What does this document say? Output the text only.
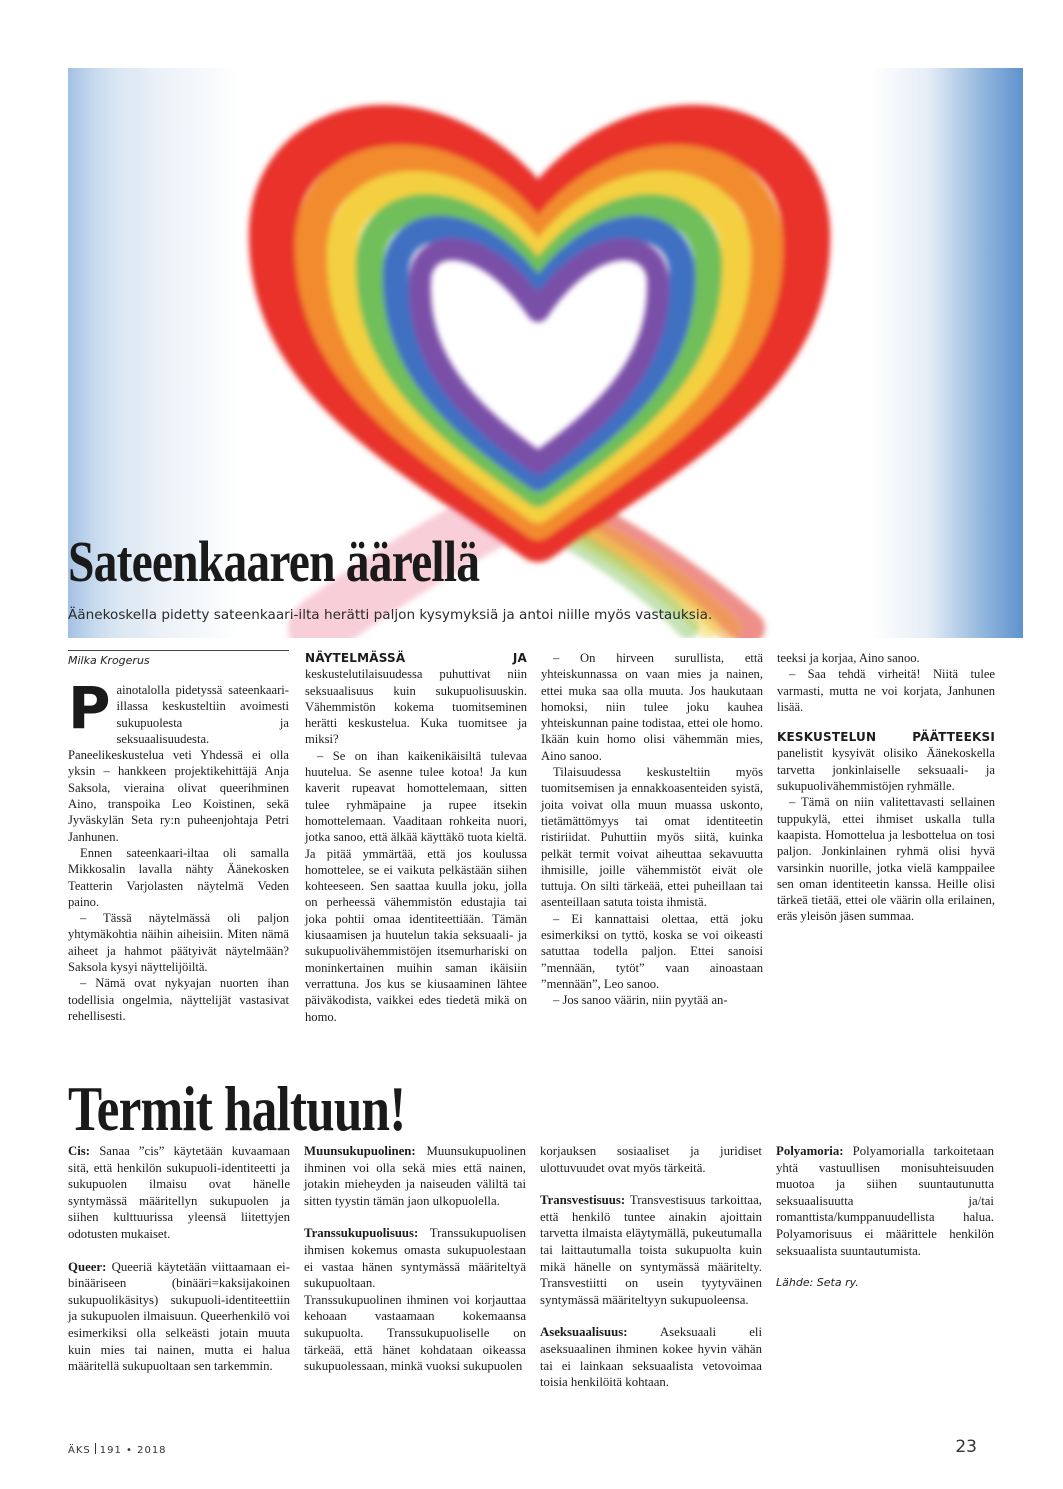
Sateenkaaren äärellä
Äänekoskella pidetty sateenkaari-ilta herätti paljon kysymyksiä ja antoi niille myös vastauksia.
Milka Krogerus

P ainotalolla pidetyssä sateenkaari-illassa keskusteltiin avoimesti sukupuolesta ja seksuaalisuudesta. Paneelikeskustelua veti Yhdessä ei olla yksin – hankkeen projektikehittäjä Anja Saksola, vieraina olivat queerihminen Aino, transpoika Leo Koistinen, sekä Jyväskylän Seta ry:n puheenjohtaja Petri Janhunen.

Ennen sateenkaari-iltaa oli samalla Mikkosalin lavalla nähty Äänekosken Teatterin Varjolasten näytelmä Veden paino.

– Tässä näytelmässä oli paljon yhtymäkohtia näihin aiheisiin. Miten nämä aiheet ja hahmot päätyivät näytelmään? Saksola kysyi näyttelijöiltä.

– Nämä ovat nykyajan nuorten ihan todellisia ongelmia, näyttelijät vastasivat rehellisesti.

NÄYTELMÄSSÄ JA keskustelutilaisuudessa puhuttivat niin seksuaalisuus kuin sukupuolisuuskin. Vähemmistön kokema tuomitseminen herätti keskustelua. Kuka tuomitsee ja miksi?

– Se on ihan kaikenikäisiltä tulevaa huutelua. Se asenne tulee kotoa! Ja kun kaverit rupeavat homottelemaan, sitten tulee ryhmäpaine ja rupee itsekin homottelemaan. Vaaditaan rohkeita nuori, jotka sanoo, että älkää käyttäkö tuota kieltä. Ja pitää ymmärtää, että jos koulussa homottelee, se ei vaikuta pelkästään siihen kohteeseen. Sen saattaa kuulla joku, jolla on perheessä vähemmistön edustajia tai joka pohtii omaa identiteettiään. Tämän kiusaamisen ja huutelun takia seksuaali- ja sukupuolivähemmistöjen itsemurhariski on moninkertainen muihin saman ikäisiin verrattuna. Jos kus se kiusaaminen lähtee päiväkodista, vaikkei edes tiedetä mikä on homo.

– On hirveen surullista, että yhteiskunnassa on vaan mies ja nainen, ettei muka saa olla muuta. Jos haukutaan homoksi, niin tulee joku kauhea yhteiskunnan paine todistaa, ettei ole homo. Ikään kuin homo olisi vähemmän mies, Aino sanoo.

Tilaisuudessa keskusteltiin myös tuomitsemisen ja ennakkoasenteiden syistä, joita voivat olla muun muassa uskonto, tietämättömyys tai omat identiteetin ristiriidat. Puhuttiin myös siitä, kuinka pelkät termit voivat aiheuttaa sekavuutta ihmisille, joille vähemmistöt eivät ole tuttuja. On silti tärkeää, ettei puheillaan tai asenteillaan satuta toista ihmistä.

– Ei kannattaisi olettaa, että joku esimerkiksi on tyttö, koska se voi oikeasti satuttaa todella paljon. Ettei sanoisi ”mennään, tytöt” vaan ainoastaan ”mennään”, Leo sanoo.

– Jos sanoo väärin, niin pyytää an-

teeksi ja korjaa, Aino sanoo.

– Saa tehdä virheitä! Niitä tulee varmasti, mutta ne voi korjata, Janhunen lisää.

KESKUSTELUN PÄÄTTEEKSI panelistit kysyivät olisiko Äänekoskella tarvetta jonkinlaiselle seksuaali- ja sukupuolivähemmistöjen ryhmälle.

– Tämä on niin valitettavasti sellainen tuppukylä, ettei ihmiset uskalla tulla kaapista. Homottelua ja lesbottelua on tosi paljon. Jonkinlainen ryhmä olisi hyvä varsinkin nuorille, jotka vielä kamppailee sen oman identiteetin kanssa. Heille olisi tärkeä tietää, ettei ole väärin olla erilainen, eräs yleisön jäsen summaa.

Termit haltuun!

Cis: Sanaa ”cis” käytetään kuvaamaan sitä, että henkilön sukupuoli-identiteetti ja sukupuolen ilmaisu ovat hänelle syntymässä määritellyn sukupuolen ja siihen kulttuurissa yleensä liitettyjen odotusten mukaiset.

Queer: Queeriä käytetään viittaamaan ei-binääriseen (binääri=kaksijakoinen sukupuolikäsitys) sukupuoli-identiteettiin ja sukupuolen ilmaisuun. Queerhenkilö voi esimerkiksi olla selkeästi jotain muuta kuin mies tai nainen, mutta ei halua määritellä sukupuoltaan sen tarkemmin.

Muunsukupuolinen: Muunsukupuolinen ihminen voi olla sekä mies että nainen, jotakin mieheyden ja naiseuden väliltä tai sitten tyystin tämän jaon ulkopuolella.

Transsukupuolisuus: Transsukupuolisen ihmisen kokemus omasta sukupuolestaan ei vastaa hänen syntymässä määriteltyä sukupuoltaan.

Transsukupuolinen ihminen voi korjauttaa kehoaan vastaamaan kokemaansa sukupuolta. Transsukupuoliselle on tärkeää, että hänet kohdataan oikeassa sukupuolessaan, minkä vuoksi sukupuolen

korjauksen sosiaaliset ja juridiset ulottuvuudet ovat myös tärkeitä.

Transvestisuus: Transvestisuus tarkoittaa, että henkilö tuntee ainakin ajoittain tarvetta ilmaista eläytymällä, pukeutumalla tai laittautumalla toista sukupuolta kuin mikä hänelle on syntymässä määritelty. Transvestiitti on usein tyytyväinen syntymässä määriteltyyn sukupuoleensa.

Aseksuaalisuus:	Aseksuaali eli aseksuaalinen ihminen kokee hyvin vähän tai ei lainkaan seksuaalista vetovoimaa toisia henkilöitä kohtaan.

Polyamoria: Polyamorialla tarkoitetaan yhtä vastuullisen monisuhteisuuden muotoa ja siihen suuntautunutta seksuaalisuutta ja/tai romanttista/kumppanuudellista halua. Polyamorisuus ei määrittele henkilön seksuaalista suuntautumista.

Lähde: Seta ry.

ÄKS 191 • 2018	23
